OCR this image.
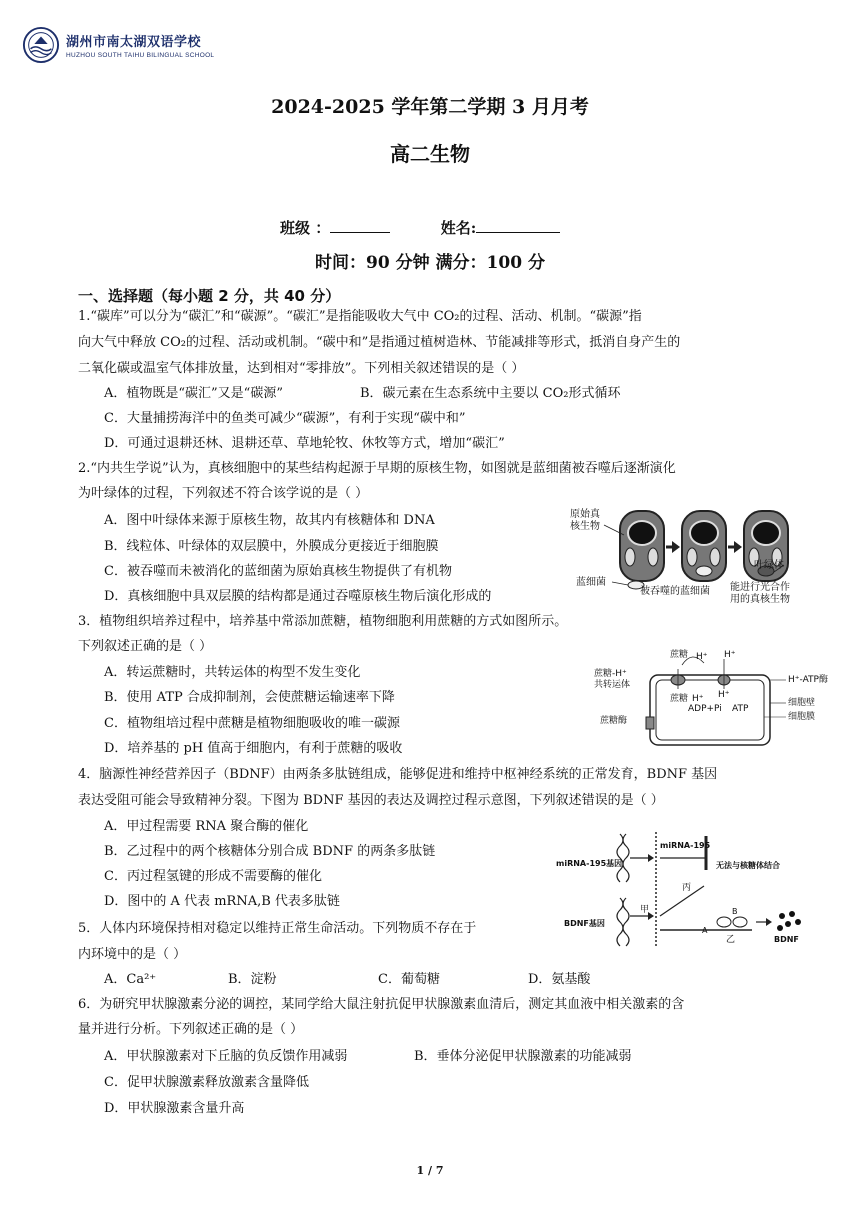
湖州市南太湖双语学校
HUZHOU SOUTH TAIHU BILINGUAL SCHOOL
2024-2025 学年第二学期 3 月月考
高二生物
班级 ：	姓名:
时间：90 分钟 满分：100 分
一、选择题（每小题 2 分，共 40 分）
1.“碳库”可以分为“碳汇”和“碳源”。“碳汇”是指能吸收大气中 CO₂的过程、活动、机制。“碳源”指
向大气中释放 CO₂的过程、活动或机制。“碳中和”是指通过植树造林、节能减排等形式，抵消自身产生的
二氧化碳或温室气体排放量，达到相对“零排放”。下列相关叙述错误的是（ ）
A．植物既是“碳汇”又是“碳源”	B．碳元素在生态系统中主要以 CO₂形式循环
C．大量捕捞海洋中的鱼类可减少“碳源”，有利于实现“碳中和”
D．可通过退耕还林、退耕还草、草地轮牧、休牧等方式，增加“碳汇”
2.“内共生学说”认为，真核细胞中的某些结构起源于早期的原核生物，如图就是蓝细菌被吞噬后逐渐演化
为叶绿体的过程，下列叙述不符合该学说的是（ ）
A．图中叶绿体来源于原核生物，故其内有核糖体和 DNA
B．线粒体、叶绿体的双层膜中，外膜成分更接近于细胞膜
C．被吞噬而未被消化的蓝细菌为原始真核生物提供了有机物
D．真核细胞中具双层膜的结构都是通过吞噬原核生物后演化形成的
原始真
核生物
蓝细菌
被吞噬的蓝细菌
叶绿体
能进行光合作
用的真核生物
3．植物组织培养过程中，培养基中常添加蔗糖，植物细胞利用蔗糖的方式如图所示。
下列叙述正确的是（ ）
A．转运蔗糖时，共转运体的构型不发生变化
B．使用 ATP 合成抑制剂，会使蔗糖运输速率下降
C．植物组培过程中蔗糖是植物细胞吸收的唯一碳源
D．培养基的 pH 值高于细胞内，有利于蔗糖的吸收
蔗糖 H⁺ H⁺
蔗糖-H⁺
共转运体	H⁺-ATP酶
蔗糖 H⁺ H⁺
ADP+Pi ATP
细胞壁
细胞膜
蔗糖酶
4．脑源性神经营养因子（BDNF）由两条多肽链组成，能够促进和维持中枢神经系统的正常发育，BDNF 基因
表达受阻可能会导致精神分裂。下图为 BDNF 基因的表达及调控过程示意图，下列叙述错误的是（ ）
A．甲过程需要 RNA 聚合酶的催化
B．乙过程中的两个核糖体分别合成 BDNF 的两条多肽链
C．丙过程氢键的形成不需要酶的催化
D．图中的 A 代表 mRNA,B 代表多肽链
miRNA-195基因
miRNA-195
无法与核糖体结合
丙
BDNF基因
甲
A
B
乙	BDNF
5．人体内环境保持相对稳定以维持正常生命活动。下列物质不存在于
内环境中的是（ ）
A．Ca²⁺	B．淀粉	C．葡萄糖	D．氨基酸
6．为研究甲状腺激素分泌的调控，某同学给大鼠注射抗促甲状腺激素血清后，测定其血液中相关激素的含
量并进行分析。下列叙述正确的是（ ）
A．甲状腺激素对下丘脑的负反馈作用减弱	B．垂体分泌促甲状腺激素的功能减弱
C．促甲状腺激素释放激素含量降低
D．甲状腺激素含量升高
1 / 7
